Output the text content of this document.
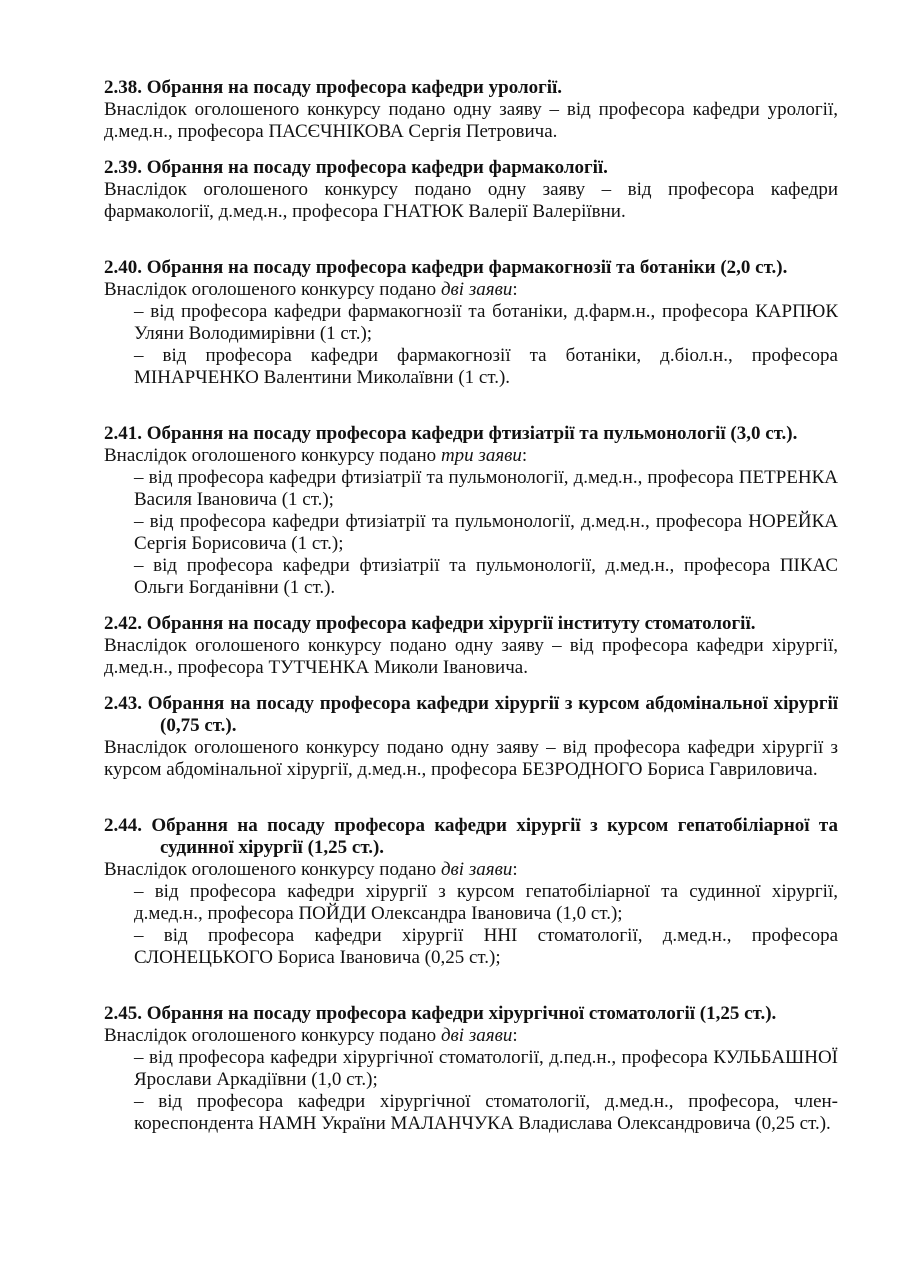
2.38. Обрання на посаду професора кафедри урології.

Внаслідок оголошеного конкурсу подано одну заяву – від професора кафедри урології, д.мед.н., професора ПАСЄЧНІКОВА Сергія Петровича.

2.39. Обрання на посаду професора кафедри фармакології.

Внаслідок оголошеного конкурсу подано одну заяву – від професора кафедри фармакології, д.мед.н., професора ГНАТЮК Валерії Валеріївни.

2.40. Обрання на посаду професора кафедри фармакогнозії та ботаніки (2,0 ст.).

Внаслідок оголошеного конкурсу подано дві заяви:

– від професора кафедри фармакогнозії та ботаніки, д.фарм.н., професора КАРПЮК Уляни Володимирівни (1 ст.);

– від професора кафедри фармакогнозії та ботаніки, д.біол.н., професора МІНАРЧЕНКО Валентини Миколаївни (1 ст.).

2.41. Обрання на посаду професора кафедри фтизіатрії та пульмонології (3,0 ст.).

Внаслідок оголошеного конкурсу подано три заяви:

– від професора кафедри фтизіатрії та пульмонології, д.мед.н., професора ПЕТРЕНКА Василя Івановича (1 ст.);

– від професора кафедри фтизіатрії та пульмонології, д.мед.н., професора НОРЕЙКА Сергія Борисовича (1 ст.);

– від професора кафедри фтизіатрії та пульмонології, д.мед.н., професора ПІКАС Ольги Богданівни (1 ст.).

2.42. Обрання на посаду професора кафедри хірургії інституту стоматології.

Внаслідок оголошеного конкурсу подано одну заяву – від професора кафедри хірургії, д.мед.н., професора ТУТЧЕНКА Миколи Івановича.

2.43. Обрання на посаду професора кафедри хірургії з курсом абдомінальної хірургії (0,75 ст.).

Внаслідок оголошеного конкурсу подано одну заяву – від професора кафедри хірургії з курсом абдомінальної хірургії, д.мед.н., професора БЕЗРОДНОГО Бориса Гавриловича.

2.44. Обрання на посаду професора кафедри хірургії з курсом гепатобіліарної та судинної хірургії (1,25 ст.).

Внаслідок оголошеного конкурсу подано дві заяви:

– від професора кафедри хірургії з курсом гепатобіліарної та судинної хірургії, д.мед.н., професора ПОЙДИ Олександра Івановича (1,0 ст.);

– від професора кафедри хірургії ННІ стоматології, д.мед.н., професора СЛОНЕЦЬКОГО Бориса Івановича (0,25 ст.);

2.45. Обрання на посаду професора кафедри хірургічної стоматології (1,25 ст.).

Внаслідок оголошеного конкурсу подано дві заяви:

– від професора кафедри хірургічної стоматології, д.пед.н., професора КУЛЬБАШНОЇ Ярослави Аркадіївни (1,0 ст.);

– від професора кафедри хірургічної стоматології, д.мед.н., професора, член-кореспондента НАМН України МАЛАНЧУКА Владислава Олександровича (0,25 ст.).
